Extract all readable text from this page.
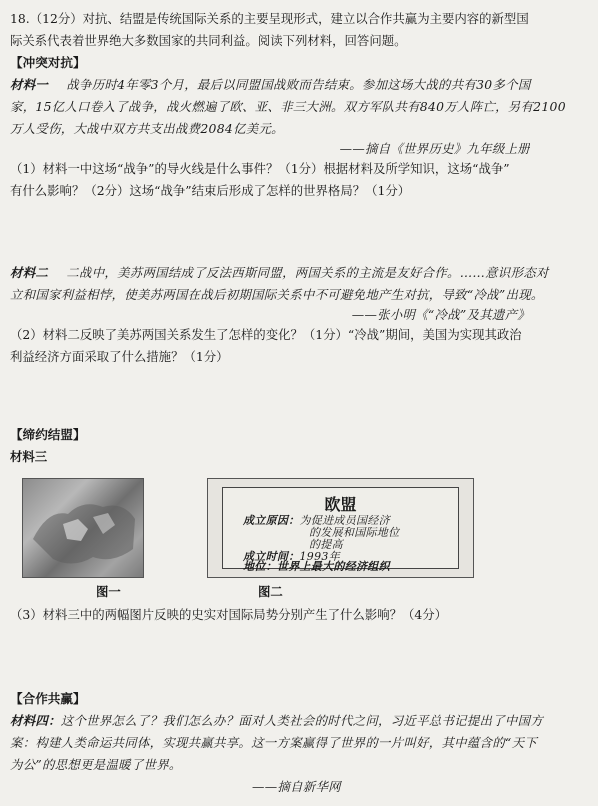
18.（12分）对抗、结盟是传统国际关系的主要呈现形式，建立以合作共赢为主要内容的新型国
际关系代表着世界绝大多数国家的共同利益。阅读下列材料，回答问题。
【冲突对抗】
材料一 战争历时4年零3个月，最后以同盟国战败而告结束。参加这场大战的共有30多个国
家，15亿人口卷入了战争，战火燃遍了欧、亚、非三大洲。双方军队共有840万人阵亡，另有2100
万人受伤，大战中双方共支出战费2084亿美元。
——摘自《世界历史》九年级上册
（1）材料一中这场“战争”的导火线是什么事件？（1分）根据材料及所学知识，这场“战争”
有什么影响？（2分）这场“战争”结束后形成了怎样的世界格局？（1分）
材料二 二战中，美苏两国结成了反法西斯同盟，两国关系的主流是友好合作。……意识形态对
立和国家利益相悖，使美苏两国在战后初期国际关系中不可避免地产生对抗，导致“冷战”出现。
——张小明《“冷战”及其遗产》
（2）材料二反映了美苏两国关系发生了怎样的变化？（1分）“冷战”期间，美国为实现其政治
利益经济方面采取了什么措施？（1分）
【缔约结盟】
材料三
欧盟
成立原因：为促进成员国经济
的发展和国际地位
的提高
成立时间：1993年
地位：世界上最大的经济组织
图一	图二
（3）材料三中的两幅图片反映的史实对国际局势分别产生了什么影响？（4分）
【合作共赢】
材料四：这个世界怎么了？我们怎么办？面对人类社会的时代之问，习近平总书记提出了中国方
案：构建人类命运共同体，实现共赢共享。这一方案赢得了世界的一片叫好，其中蕴含的“天下
为公”的思想更是温暖了世界。
——摘自新华网
